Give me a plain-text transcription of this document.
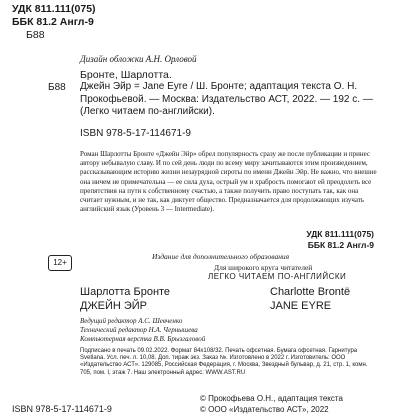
УДК 811.111(075)

ББК 81.2 Англ-9

Б88

Дизайн обложки А.Н. Орловой

Бронте, Шарлотта.

Б88 Джейн Эйр = Jane Eyre / Ш. Бронте; адаптация текста О. Н. Прокофьевой. — Москва: Издательство АСТ, 2022. — 192 с. — (Легко читаем по-английски).

ISBN 978-5-17-114671-9

Роман Шарлотты Бронте «Джейн Эйр» обрел популярность сразу же после публикации и принес автору небывалую славу. И по сей день люди по всему миру зачитываются этим произведением, рассказывающим историю жизни незаурядной сироты по имени Джейн Эйр. Не важно, что внешне она ничем не примечательна — ее сила духа, острый ум и храбрость помогают ей преодолеть все препятствия на пути к собственному счастью, а также получить право поступать так, как она считает нужным, и не так, как диктует общество. Предназначается для продолжающих изучать английский язык (Уровень 3 — Intermediate).

УДК 811.111(075)

ББК 81.2 Англ-9

12+

Издание для дополнительного образования

Для широкого круга читателей

ЛЕГКО ЧИТАЕМ ПО-АНГЛИЙСКИ

Шарлотта Бронте	Charlotte Brontë

ДЖЕЙН ЭЙР	JANE EYRE

Ведущий редактор А.С. Шевченко

Технический редактор Н.А. Чернышева

Компьютерная верстка В.В. Брызгаловой

Подписано в печать 09.02.2022. Формат 84х108/32. Печать офсетная. Бумага офсетная. Гарнитура Svetlana. Усл. печ. л. 10,08. Доп. тираж экз. Заказ №. Изготовлено в 2022 г. Изготовитель: ООО «Издательство АСТ». 129085, Российская Федерация, г. Москва, Звездный бульвар, д. 21, стр. 1, комн. 705, пом. I, этаж 7. Наш электронный адрес: WWW.AST.RU

ISBN 978-5-17-114671-9

© Прокофьева О.Н., адаптация текста

© ООО «Издательство АСТ», 2022
